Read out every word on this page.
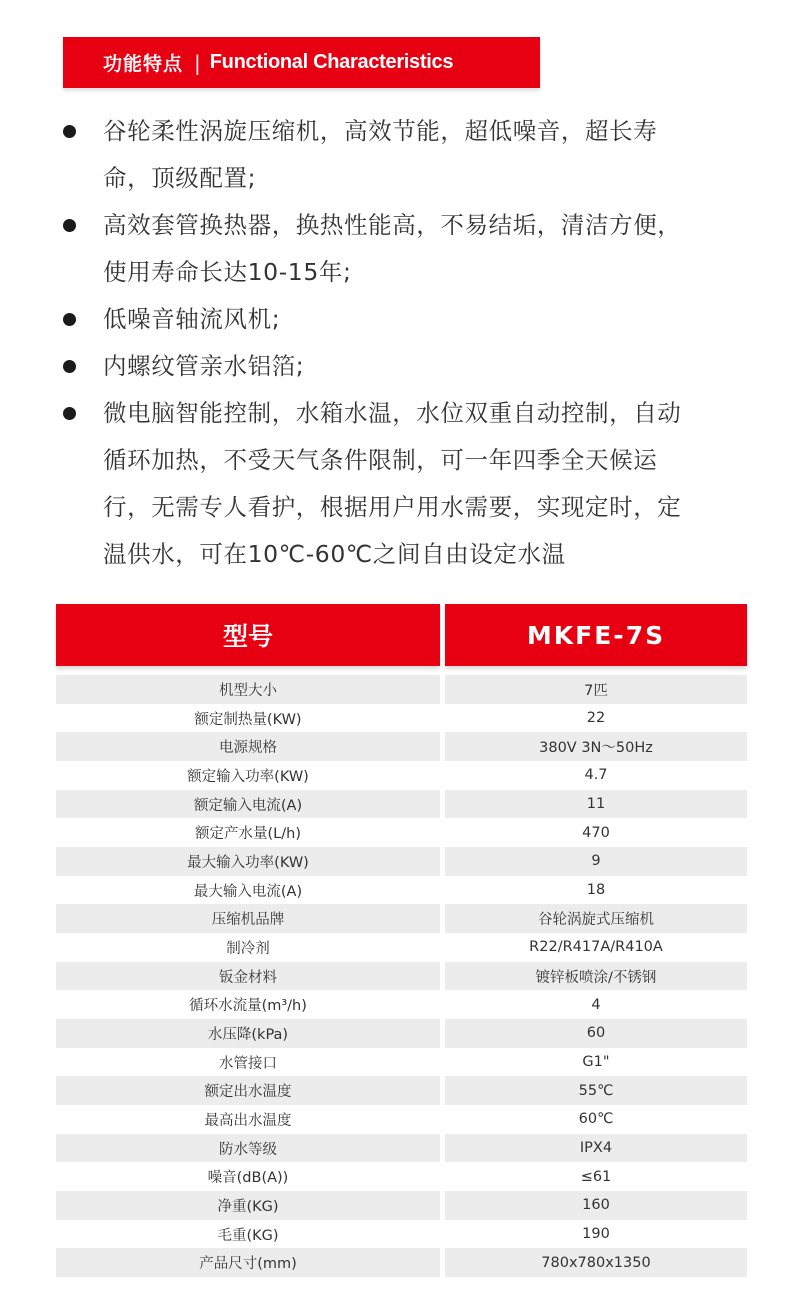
功能特点 | Functional Characteristics
谷轮柔性涡旋压缩机，高效节能，超低噪音，超长寿
命，顶级配置;
高效套管换热器，换热性能高，不易结垢，清洁方便，
使用寿命长达10-15年;
低噪音轴流风机;
内螺纹管亲水铝箔;
微电脑智能控制，水箱水温，水位双重自动控制，自动
循环加热，不受天气条件限制，可一年四季全天候运
行，无需专人看护，根据用户用水需要，实现定时，定
温供水，可在10℃-60℃之间自由设定水温
型号	MKFE-7S
机型大小	7匹
额定制热量(KW)	22
电源规格	380V 3N～50Hz
额定输入功率(KW)	4.7
额定输入电流(A)	11
额定产水量(L/h)	470
最大输入功率(KW)	9
最大输入电流(A)	18
压缩机品牌	谷轮涡旋式压缩机
制冷剂	R22/R417A/R410A
钣金材料	镀锌板喷涂/不锈钢
循环水流量(m³/h)	4
水压降(kPa)	60
水管接口	G1"
额定出水温度	55℃
最高出水温度	60℃
防水等级	IPX4
噪音(dB(A))	≤61
净重(KG)	160
毛重(KG)	190
产品尺寸(mm)	780x780x1350
